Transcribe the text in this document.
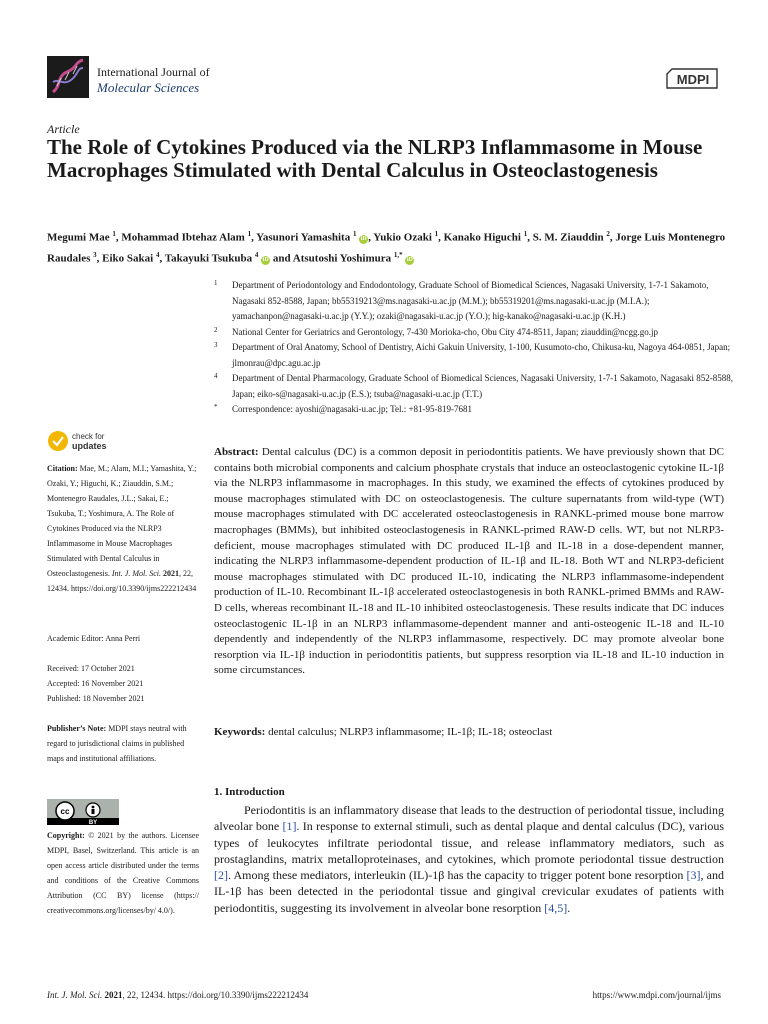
International Journal of
Molecular Sciences
MDPI
Article
The Role of Cytokines Produced via the NLRP3 Inflammasome in Mouse Macrophages Stimulated with Dental Calculus in Osteoclastogenesis
Megumi Mae $^1$, Mohammad Ibtehaz Alam $^1$, Yasunori Yamashita $^1$ iD , Yukio Ozaki $^1$, Kanako Higuchi $^1$, S. M. Ziauddin $^2$, Jorge Luis Montenegro Raudales $^3$, Eiko Sakai $^4$, Takayuki Tsukuba $^4$ iD and Atsutoshi Yoshimura $^{1,*}$ iD
1 Department of Periodontology and Endodontology, Graduate School of Biomedical Sciences, Nagasaki University, 1-7-1 Sakamoto, Nagasaki 852-8588, Japan; bb55319213@ms.nagasaki-u.ac.jp (M.M.); bb55319201@ms.nagasaki-u.ac.jp (M.I.A.); yamachanpon@nagasaki-u.ac.jp (Y.Y.); ozaki@nagasaki-u.ac.jp (Y.O.); hig-kanako@nagasaki-u.ac.jp (K.H.)
2 National Center for Geriatrics and Gerontology, 7-430 Morioka-cho, Obu City 474-8511, Japan; ziauddin@ncgg.go.jp
3 Department of Oral Anatomy, School of Dentistry, Aichi Gakuin University, 1-100, Kusumoto-cho, Chikusa-ku, Nagoya 464-0851, Japan; jlmonrau@dpc.agu.ac.jp
4 Department of Dental Pharmacology, Graduate School of Biomedical Sciences, Nagasaki University, 1-7-1 Sakamoto, Nagasaki 852-8588, Japan; eiko-s@nagasaki-u.ac.jp (E.S.); tsuba@nagasaki-u.ac.jp (T.T.)
* Correspondence: ayoshi@nagasaki-u.ac.jp; Tel.: +81-95-819-7681
check for
updates
Citation: Mae, M.; Alam, M.I.; Yamashita, Y.; Ozaki, Y.; Higuchi, K.; Ziauddin, S.M.; Montenegro Raudales, J.L.; Sakai, E.; Tsukuba, T.; Yoshimura, A. The Role of Cytokines Produced via the NLRP3 Inflammasome in Mouse Macrophages Stimulated with Dental Calculus in Osteoclastogenesis. Int. J. Mol. Sci. 2021, 22, 12434. https://doi.org/10.3390/ijms222212434
Academic Editor: Anna Perri
Received: 17 October 2021
Accepted: 16 November 2021
Published: 18 November 2021
Publisher’s Note: MDPI stays neutral with regard to jurisdictional claims in published maps and institutional affiliations.
cc
BY
Copyright: © 2021 by the authors. Licensee MDPI, Basel, Switzerland. This article is an open access article distributed under the terms and conditions of the Creative Commons Attribution (CC BY) license (https:// creativecommons.org/licenses/by/ 4.0/).
Abstract: Dental calculus (DC) is a common deposit in periodontitis patients. We have previously shown that DC contains both microbial components and calcium phosphate crystals that induce an osteoclastogenic cytokine IL-1β via the NLRP3 inflammasome in macrophages. In this study, we examined the effects of cytokines produced by mouse macrophages stimulated with DC on osteoclastogenesis. The culture supernatants from wild-type (WT) mouse macrophages stimulated with DC accelerated osteoclastogenesis in RANKL-primed mouse bone marrow macrophages (BMMs), but inhibited osteoclastogenesis in RANKL-primed RAW-D cells. WT, but not NLRP3-deficient, mouse macrophages stimulated with DC produced IL-1β and IL-18 in a dose-dependent manner, indicating the NLRP3 inflammasome-dependent production of IL-1β and IL-18. Both WT and NLRP3-deficient mouse macrophages stimulated with DC produced IL-10, indicating the NLRP3 inflammasome-independent production of IL-10. Recombinant IL-1β accelerated osteoclastogenesis in both RANKL-primed BMMs and RAW-D cells, whereas recombinant IL-18 and IL-10 inhibited osteoclastogenesis. These results indicate that DC induces osteoclastogenic IL-1β in an NLRP3 inflammasome-dependent manner and anti-osteogenic IL-18 and IL-10 dependently and independently of the NLRP3 inflammasome, respectively. DC may promote alveolar bone resorption via IL-1β induction in periodontitis patients, but suppress resorption via IL-18 and IL-10 induction in some circumstances.
Keywords: dental calculus; NLRP3 inflammasome; IL-1β; IL-18; osteoclast
1. Introduction
Periodontitis is an inflammatory disease that leads to the destruction of periodontal tissue, including alveolar bone [1]. In response to external stimuli, such as dental plaque and dental calculus (DC), various types of leukocytes infiltrate periodontal tissue, and release inflammatory mediators, such as prostaglandins, matrix metalloproteinases, and cytokines, which promote periodontal tissue destruction [2]. Among these mediators, interleukin (IL)-1β has the capacity to trigger potent bone resorption [3], and IL-1β has been detected in the periodontal tissue and gingival crevicular exudates of patients with periodontitis, suggesting its involvement in alveolar bone resorption [4,5].
Int. J. Mol. Sci. 2021, 22, 12434. https://doi.org/10.3390/ijms222212434	https://www.mdpi.com/journal/ijms
